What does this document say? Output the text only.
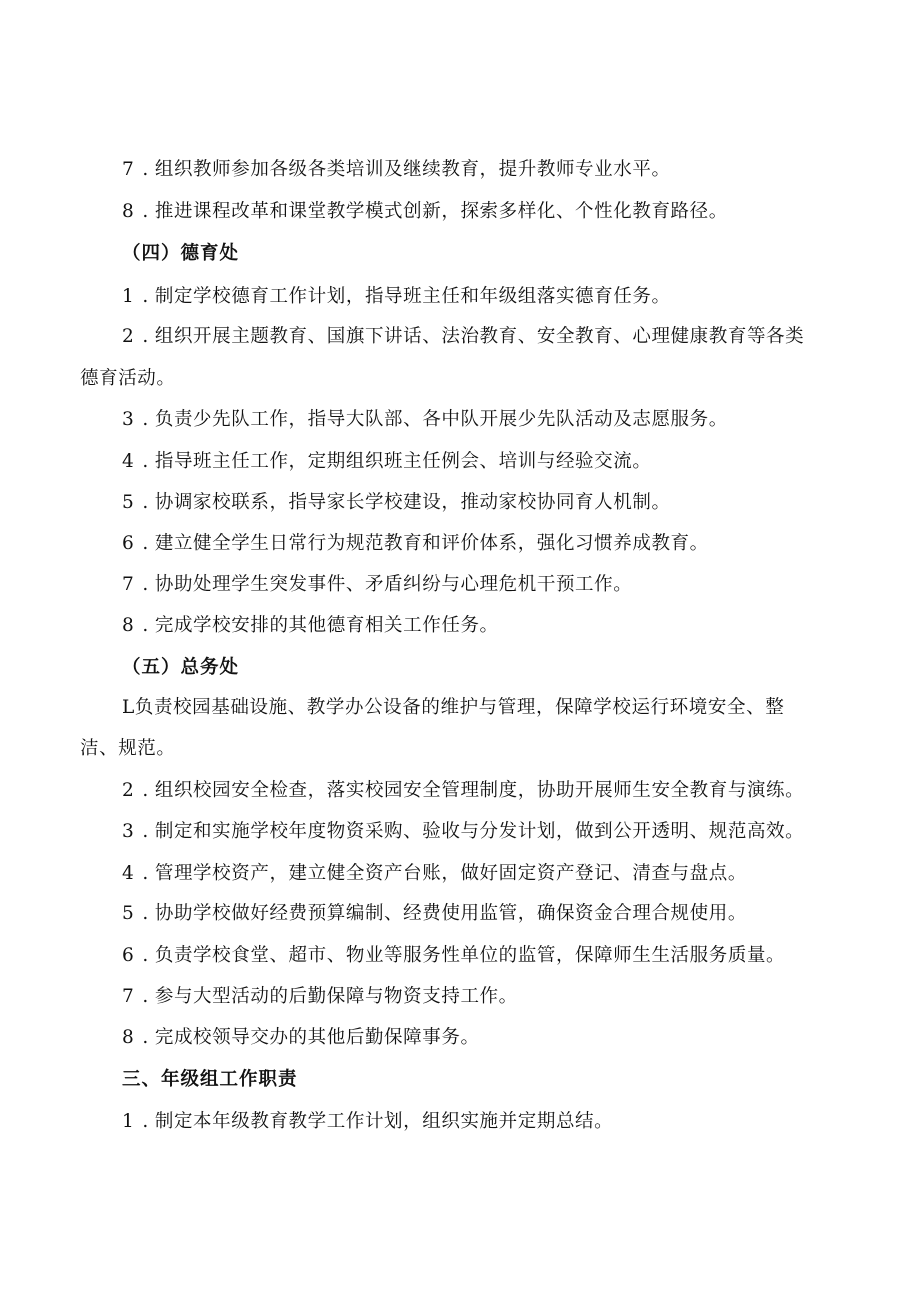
7 . 组织教师参加各级各类培训及继续教育，提升教师专业水平。
8 . 推进课程改革和课堂教学模式创新，探索多样化、个性化教育路径。
（四）德育处
1 . 制定学校德育工作计划，指导班主任和年级组落实德育任务。
2 . 组织开展主题教育、国旗下讲话、法治教育、安全教育、心理健康教育等各类
德育活动。
3 . 负责少先队工作，指导大队部、各中队开展少先队活动及志愿服务。
4 . 指导班主任工作，定期组织班主任例会、培训与经验交流。
5 . 协调家校联系，指导家长学校建设，推动家校协同育人机制。
6 . 建立健全学生日常行为规范教育和评价体系，强化习惯养成教育。
7 . 协助处理学生突发事件、矛盾纠纷与心理危机干预工作。
8 . 完成学校安排的其他德育相关工作任务。
（五）总务处
L负责校园基础设施、教学办公设备的维护与管理，保障学校运行环境安全、整
洁、规范。
2 . 组织校园安全检查，落实校园安全管理制度，协助开展师生安全教育与演练。
3 . 制定和实施学校年度物资采购、验收与分发计划，做到公开透明、规范高效。
4 . 管理学校资产，建立健全资产台账，做好固定资产登记、清查与盘点。
5 . 协助学校做好经费预算编制、经费使用监管，确保资金合理合规使用。
6 . 负责学校食堂、超市、物业等服务性单位的监管，保障师生生活服务质量。
7 . 参与大型活动的后勤保障与物资支持工作。
8 . 完成校领导交办的其他后勤保障事务。
三、年级组工作职责
1 . 制定本年级教育教学工作计划，组织实施并定期总结。
